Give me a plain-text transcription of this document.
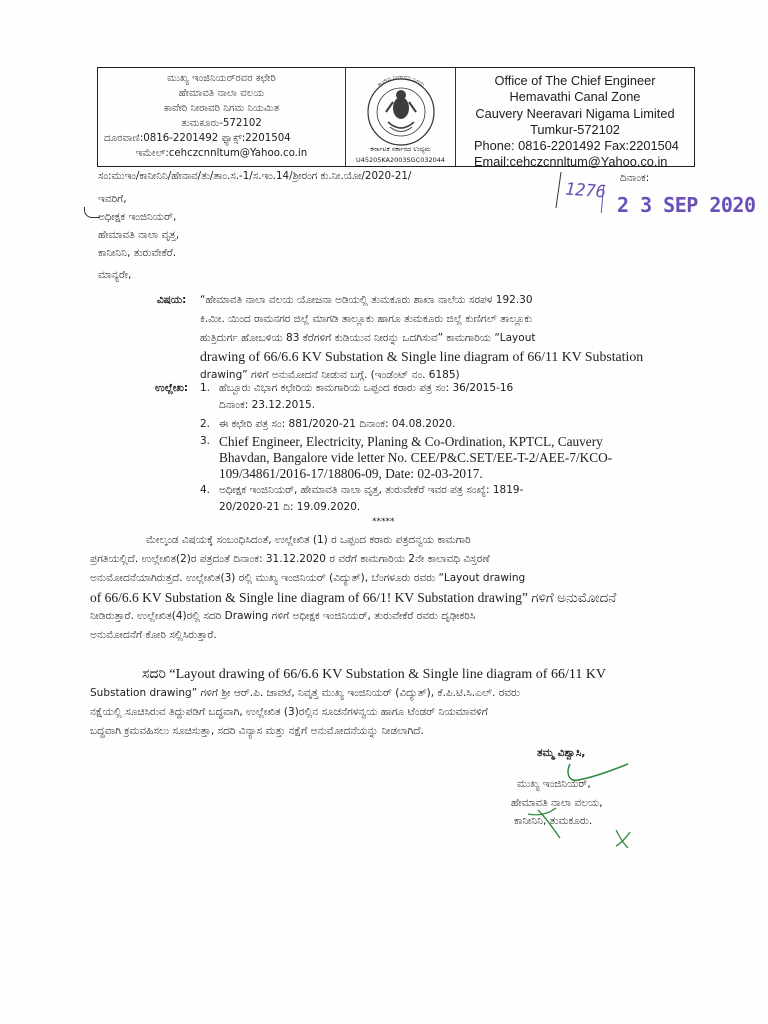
ಮುಖ್ಯ ಇಂಜಿನಿಯರ್‌ರವರ ಕಛೇರಿ
ಹೇಮಾವತಿ ನಾಲಾ ವಲಯ
ಕಾವೇರಿ ನೀರಾವರಿ ನಿಗಮ ನಿಯಮಿತ
ತುಮಕೂರು-572102
ದೂರವಾಣಿ:0816-2201492 ಫ್ಯಾಕ್ಸ್:2201504
ಇಮೇಲ್:cehczcnnltum@Yahoo.co.in
ಕಾವೇರಿ ನೀರಾವರಿ ನಿಗಮ
ಕರ್ನಾಟಕ ಸರ್ಕಾರದ ಉದ್ಯಮ
U45205KA2003SGC032044
Office of The Chief Engineer
Hemavathi Canal Zone
Cauvery Neeravari Nigama Limited
Tumkur-572102
Phone: 0816-2201492 Fax:2201504
Email:cehczcnnltum@Yahoo.co.in
ಸಂ:ಮುಇಂ/ಕಾನೀನಿನಿ/ಹೇನಾವ/ತು/ತಾಂ.ಸ.-1/ಸ.ಇಂ.14/ಶ್ರೀರಂಗ ಕು.ನೀ.ಯೋ/2020-21/
1276
2 3 SEP 2020
ದಿನಾಂಕ:
ಇವರಿಗೆ,
ಅಧೀಕ್ಷಕ ಇಂಜಿನಿಯರ್,
ಹೇಮಾವತಿ ನಾಲಾ ವೃತ್ತ,
ಕಾನೀನಿನಿ, ತುರುವೇಕೆರೆ.
ಮಾನ್ಯರೇ,
ವಿಷಯ: “ಹೇಮಾವತಿ ನಾಲಾ ವಲಯ ಯೋಜನಾ ಅಡಿಯಲ್ಲಿ ತುಮಕೂರು ಶಾಖಾ ನಾಲೆಯ ಸರಪಳ 192.30
ಕಿ.ಮೀ. ಯಿಂದ ರಾಮನಗರ ಜಿಲ್ಲೆ ಮಾಗಡಿ ತಾಲ್ಲೂಕು ಹಾಗೂ ತುಮಕೂರು ಜಿಲ್ಲೆ ಕುಣಿಗಲ್ ತಾಲ್ಲೂಕು
ಹುತ್ರಿದುರ್ಗ ಹೋಬಳಿಯ 83 ಕೆರೆಗಳಿಗೆ ಕುಡಿಯುವ ನೀರನ್ನು ಒದಗಿಸುವ” ಕಾಮಗಾರಿಯ “Layout
drawing of 66/6.6 KV Substation & Single line diagram of 66/11 KV Substation
drawing” ಗಳಿಗೆ ಅನುಮೋದನೆ ನೀಡುವ ಬಗ್ಗೆ. (ಇಂಡೆಂಟ್ ನಂ. 6185)
ಉಲ್ಲೇಖ: 1. ಹೆಬ್ಬೂರು ವಿಭಾಗ ಕಛೇರಿಯ ಕಾಮಗಾರಿಯ ಒಪ್ಪಂದ ಕರಾರು ಪತ್ರ ಸಂ: 36/2015-16
ದಿನಾಂಕ: 23.12.2015.
2. ಈ ಕಛೇರಿ ಪತ್ರ ಸಂ: 881/2020-21 ದಿನಾಂಕ: 04.08.2020.
3. Chief Engineer, Electricity, Planing & Co-Ordination, KPTCL, Cauvery
Bhavdan, Bangalore vide letter No. CEE/P&C.SET/EE-T-2/AEE-7/KCO-
109/34861/2016-17/18806-09, Date: 02-03-2017.
4. ಅಧೀಕ್ಷಕ ಇಂಜಿನಿಯರ್, ಹೇಮಾವತಿ ನಾಲಾ ವೃತ್ತ, ತುರುವೇಕೆರೆ ಇವರ ಪತ್ರ ಸಂಖ್ಯೆ: 1819-
20/2020-21 ದಿ: 19.09.2020.
*****
ಮೇಲ್ಕಂಡ ವಿಷಯಕ್ಕೆ ಸಂಬಂಧಿಸಿದಂತೆ, ಉಲ್ಲೇಖಿತ (1) ರ ಒಪ್ಪಂದ ಕರಾರು ಪತ್ರದನ್ವಯ ಕಾಮಗಾರಿ
ಪ್ರಗತಿಯಲ್ಲಿದೆ. ಉಲ್ಲೇಖಿತ(2)ರ ಪತ್ರದಂತೆ ದಿನಾಂಕ: 31.12.2020 ರ ವರೆಗೆ ಕಾಮಗಾರಿಯ 2ನೇ ಕಾಲಾವಧಿ ವಿಸ್ತರಣೆ
ಅನುಮೋದನೆಯಾಗಿರುತ್ತದೆ. ಉಲ್ಲೇಖಿತ(3) ರಲ್ಲಿ ಮುಖ್ಯ ಇಂಜಿನಿಯರ್ (ವಿದ್ಯುತ್), ಬೆಂಗಳೂರು ರವರು “Layout drawing
of 66/6.6 KV Substation & Single line diagram of 66/1! KV Substation drawing” ಗಳಿಗೆ ಅನುಮೋದನೆ
ನೀಡಿರುತ್ತಾರೆ. ಉಲ್ಲೇಖಿತ(4)ರಲ್ಲಿ ಸದರಿ Drawing ಗಳಿಗೆ ಅಧೀಕ್ಷಕ ಇಂಜಿನಿಯರ್, ತುರುವೇಕೆರೆ ರವರು ದೃಢೀಕರಿಸಿ
ಅನುಮೋದನೆಗೆ ಕೋರಿ ಸಲ್ಲಿಸಿರುತ್ತಾರೆ.
ಸದರಿ “Layout drawing of 66/6.6 KV Substation & Single line diagram of 66/11 KV
Substation drawing” ಗಳಿಗೆ ಶ್ರೀ ಆರ್.ಪಿ. ಜಾವಟೆ, ನಿವೃತ್ತ ಮುಖ್ಯ ಇಂಜಿನಿಯರ್ (ವಿದ್ಯುತ್), ಕೆ.ಪಿ.ಟಿ.ಸಿ.ಎಲ್. ರವರು
ನಕ್ಷೆಯಲ್ಲಿ ಸೂಚಿಸಿರುವ ತಿದ್ದುಪಡಿಗೆ ಬದ್ಧವಾಗಿ, ಉಲ್ಲೇಖಿತ (3)ರಲ್ಲಿನ ಸೂಚನೆಗಳನ್ವಯ ಹಾಗೂ ಟೆಂಡರ್ ನಿಯಮಾವಳಿಗೆ
ಬದ್ಧವಾಗಿ ಕ್ರಮವಹಿಸಲು ಸೂಚಿಸುತ್ತಾ, ಸದರಿ ವಿನ್ಯಾಸ ಮತ್ತು ನಕ್ಷೆಗೆ ಅನುಮೋದನೆಯನ್ನು ನೀಡಲಾಗಿದೆ.
ತಮ್ಮ ವಿಶ್ವಾಸಿ,
ಮುಖ್ಯ ಇಂಜಿನಿಯರ್,
ಹೇಮಾವತಿ ನಾಲಾ ವಲಯ,
ಕಾನೀನಿನಿ, ತುಮಕೂರು.
